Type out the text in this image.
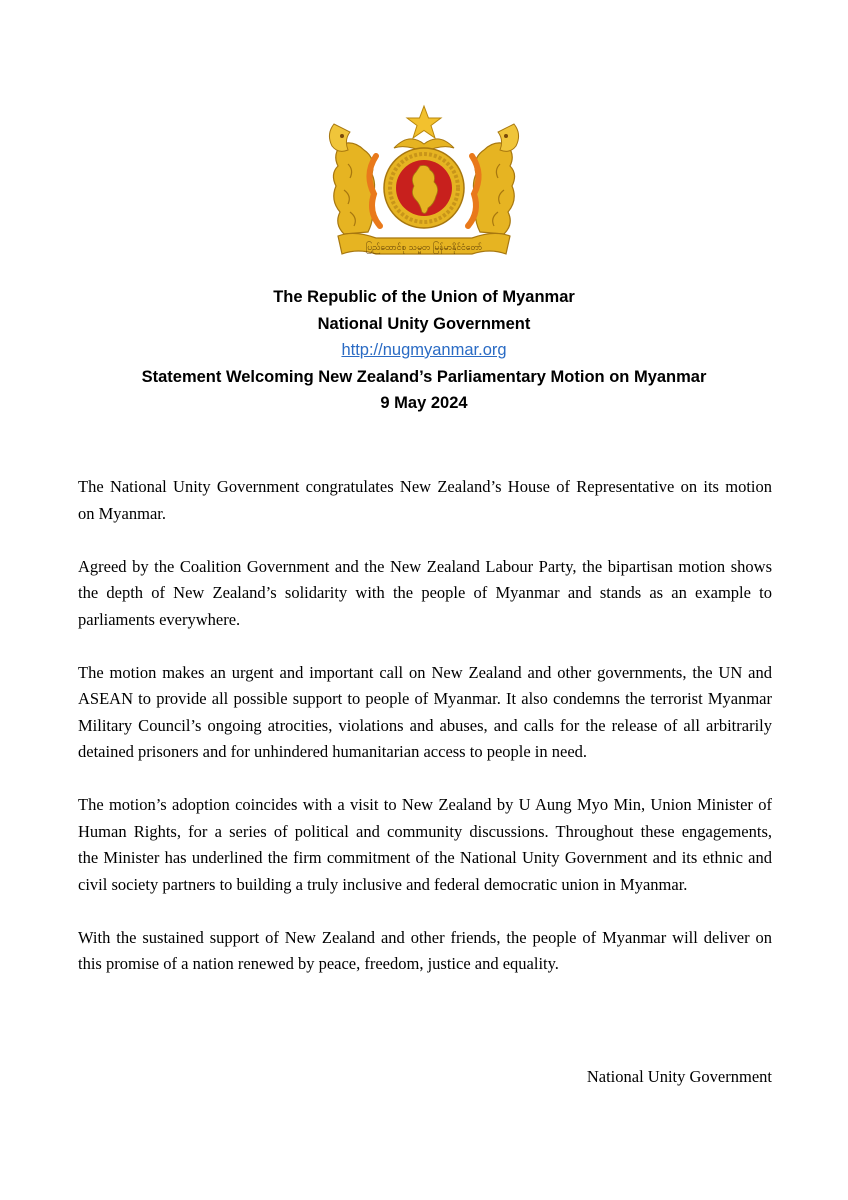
ပြည်ထောင်စု သမ္မတ မြန်မာနိုင်ငံတော်
The Republic of the Union of Myanmar
National Unity Government
http://nugmyanmar.org
Statement Welcoming New Zealand’s Parliamentary Motion on Myanmar
9 May 2024
The National Unity Government congratulates New Zealand’s House of Representative on its motion
on Myanmar.
Agreed by the Coalition Government and the New Zealand Labour Party, the bipartisan motion shows
the depth of New Zealand’s solidarity with the people of Myanmar and stands as an example to
parliaments everywhere.
The motion makes an urgent and important call on New Zealand and other governments, the UN and
ASEAN to provide all possible support to people of Myanmar. It also condemns the terrorist Myanmar
Military Council’s ongoing atrocities, violations and abuses, and calls for the release of all arbitrarily
detained prisoners and for unhindered humanitarian access to people in need.
The motion’s adoption coincides with a visit to New Zealand by U Aung Myo Min, Union Minister of
Human Rights, for a series of political and community discussions. Throughout these engagements,
the Minister has underlined the firm commitment of the National Unity Government and its ethnic and
civil society partners to building a truly inclusive and federal democratic union in Myanmar.
With the sustained support of New Zealand and other friends, the people of Myanmar will deliver on
this promise of a nation renewed by peace, freedom, justice and equality.
National Unity Government
